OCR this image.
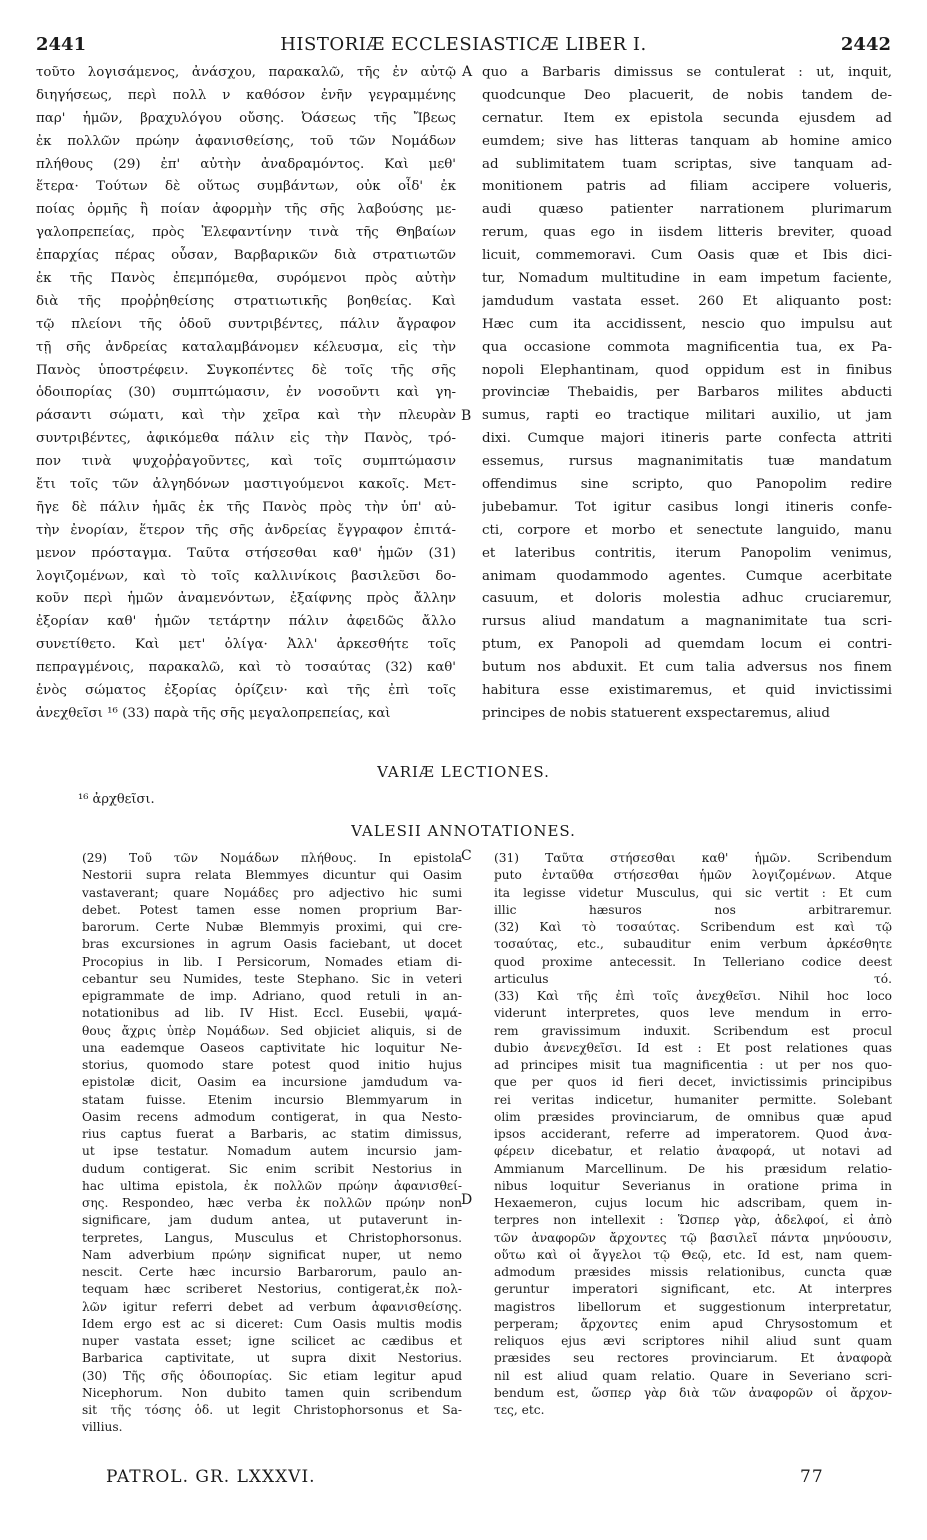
2441	HISTORIÆ ECCLESIASTICÆ LIBER I.	2442
τοῦτο λογισάμενος, ἀνάσχου, παρακαλῶ, τῆς ἐν αὐτῷ
διηγήσεως, περὶ πολλ ν καθόσον ἐνῆν γεγραμμένης
παρ' ἡμῶν, βραχυλόγου οὔσης. Ὀάσεως τῆς Ἴβεως
ἐκ πολλῶν πρώην ἀφανισθείσης, τοῦ τῶν Νομάδων
πλήθους (29) ἐπ' αὐτὴν ἀναδραμόντος. Καὶ μεθ'
ἕτερα· Τούτων δὲ οὕτως συμβάντων, οὐκ οἶδ' ἐκ
ποίας ὁρμῆς ἢ ποίαν ἀφορμὴν τῆς σῆς λαβούσης με-
γαλοπρεπείας, πρὸς Ἐλεφαντίνην τινὰ τῆς Θηβαίων
ἐπαρχίας πέρας οὖσαν, Βαρβαρικῶν διὰ στρατιωτῶν
ἐκ τῆς Πανὸς ἐπεμπόμεθα, συρόμενοι πρὸς αὐτὴν
διὰ τῆς προῤῥηθείσης στρατιωτικῆς βοηθείας. Καὶ
τῷ πλείονι τῆς ὁδοῦ συντριβέντες, πάλιν ἄγραφον
τῇ σῆς ἀνδρείας καταλαμβάνομεν κέλευσμα, εἰς τὴν
Πανὸς ὑποστρέφειν. Συγκοπέντες δὲ τοῖς τῆς σῆς
ὁδοιπορίας (30) συμπτώμασιν, ἐν νοσοῦντι καὶ γη-
ράσαντι σώματι, καὶ τὴν χεῖρα καὶ τὴν πλευρὰν
συντριβέντες, ἀφικόμεθα πάλιν εἰς τὴν Πανὸς, τρό-
πον τινὰ ψυχοῤῥαγοῦντες, καὶ τοῖς συμπτώμασιν
ἔτι τοῖς τῶν ἀλγηδόνων μαστιγούμενοι κακοῖς. Μετ-
ῆγε δὲ πάλιν ἡμᾶς ἐκ τῆς Πανὸς πρὸς τὴν ὑπ' αὐ-
τὴν ἐνορίαν, ἕτερον τῆς σῆς ἀνδρείας ἔγγραφον ἐπιτά-
μενον πρόσταγμα. Ταῦτα στήσεσθαι καθ' ἡμῶν (31)
λογιζομένων, καὶ τὸ τοῖς καλλινίκοις βασιλεῦσι δο-
κοῦν περὶ ἡμῶν ἀναμενόντων, ἐξαίφνης πρὸς ἄλλην
ἐξορίαν καθ' ἡμῶν τετάρτην πάλιν ἀφειδῶς ἄλλο
συνετίθετο. Καὶ μετ' ὀλίγα· Ἀλλ' ἀρκεσθήτε τοῖς
πεπραγμένοις, παρακαλῶ, καὶ τὸ τοσαύτας (32) καθ'
ἑνὸς σώματος ἐξορίας ὁρίζειν· καὶ τῆς ἐπὶ τοῖς
ἀνεχθεῖσι ¹⁶ (33) παρὰ τῆς σῆς μεγαλοπρεπείας, καὶ
quo a Barbaris dimissus se contulerat : ut, inquit,
quodcunque Deo placuerit, de nobis tandem de-
cernatur. Item ex epistola secunda ejusdem ad
eumdem; sive has litteras tanquam ab homine amico
ad sublimitatem tuam scriptas, sive tanquam ad-
monitionem patris ad filiam accipere volueris,
audi quæso patienter narrationem plurimarum
rerum, quas ego in iisdem litteris breviter, quoad
licuit, commemoravi. Cum Oasis quæ et Ibis dici-
tur, Nomadum multitudine in eam impetum faciente,
jamdudum vastata esset. 260 Et aliquanto post:
Hæc cum ita accidissent, nescio quo impulsu aut
qua occasione commota magnificentia tua, ex Pa-
nopoli Elephantinam, quod oppidum est in finibus
provinciæ Thebaidis, per Barbaros milites abducti
sumus, rapti eo tractique militari auxilio, ut jam
dixi. Cumque majori itineris parte confecta attriti
essemus, rursus magnanimitatis tuæ mandatum
offendimus sine scripto, quo Panopolim redire
jubebamur. Tot igitur casibus longi itineris confe-
cti, corpore et morbo et senectute languido, manu
et lateribus contritis, iterum Panopolim venimus,
animam quodammodo agentes. Cumque acerbitate
casuum, et doloris molestia adhuc cruciaremur,
rursus aliud mandatum a magnanimitate tua scri-
ptum, ex Panopoli ad quemdam locum ei contri-
butum nos abduxit. Et cum talia adversus nos finem
habitura esse existimaremus, et quid invictissimi
principes de nobis statuerent exspectaremus, aliud
A
B
C
D
VARIÆ LECTIONES.
¹⁶ ἀρχθεῖσι.
VALESII ANNOTATIONES.
(29) Τοῦ τῶν Νομάδων πλήθους. In epistola
Nestorii supra relata Blemmyes dicuntur qui Oasim
vastaverant; quare Νομάδες pro adjectivo hic sumi
debet. Potest tamen esse nomen proprium Bar-
barorum. Certe Nubæ Blemmyis proximi, qui cre-
bras excursiones in agrum Oasis faciebant, ut docet
Procopius in lib. I Persicorum, Nomades etiam di-
cebantur seu Numides, teste Stephano. Sic in veteri
epigrammate de imp. Adriano, quod retuli in an-
notationibus ad lib. IV Hist. Eccl. Eusebii, ψαμά-
θους ἄχρις ὑπὲρ Νομάδων. Sed objiciet aliquis, si de
una eademque Oaseos captivitate hic loquitur Ne-
storius, quomodo stare potest quod initio hujus
epistolæ dicit, Oasim ea incursione jamdudum va-
statam fuisse. Etenim incursio Blemmyarum in
Oasim recens admodum contigerat, in qua Nesto-
rius captus fuerat a Barbaris, ac statim dimissus,
ut ipse testatur. Nomadum autem incursio jam-
dudum contigerat. Sic enim scribit Nestorius in
hac ultima epistola, ἐκ πολλῶν πρώην ἀφανισθεί-
σης. Respondeo, hæc verba ἐκ πολλῶν πρώην non
significare, jam dudum antea, ut putaverunt in-
terpretes, Langus, Musculus et Christophorsonus.
Nam adverbium πρώην significat nuper, ut nemo
nescit. Certe hæc incursio Barbarorum, paulo an-
tequam hæc scriberet Nestorius, contigerat,ἐκ πολ-
λῶν igitur referri debet ad verbum ἀφανισθείσης.
Idem ergo est ac si diceret: Cum Oasis multis modis
nuper vastata esset; igne scilicet ac cædibus et
Barbarica captivitate, ut supra dixit Nestorius.
(30) Τῆς σῆς ὁδοιπορίας. Sic etiam legitur apud
Nicephorum. Non dubito tamen quin scribendum
sit τῆς τόσης ὁδ. ut legit Christophorsonus et Sa-
villius.
(31) Ταῦτα στήσεσθαι καθ' ἡμῶν. Scribendum
puto ἐνταῦθα στήσεσθαι ἡμῶν λογιζομένων. Atque
ita legisse videtur Musculus, qui sic vertit : Et cum
illic hæsuros nos arbitraremur.
(32) Καὶ τὸ τοσαύτας. Scribendum est καὶ τῷ
τοσαύτας, etc., subauditur enim verbum ἀρκέσθητε
quod proxime antecessit. In Telleriano codice deest
articulus τό.
(33) Καὶ τῆς ἐπὶ τοῖς ἀνεχθεῖσι. Nihil hoc loco
viderunt interpretes, quos leve mendum in erro-
rem gravissimum induxit. Scribendum est procul
dubio ἀνενεχθεῖσι. Id est : Et post relationes quas
ad principes misit tua magnificentia : ut per nos quo-
que per quos id fieri decet, invictissimis principibus
rei veritas indicetur, humaniter permitte. Solebant
olim præsides provinciarum, de omnibus quæ apud
ipsos acciderant, referre ad imperatorem. Quod ἀνα-
φέρειν dicebatur, et relatio ἀναφορά, ut notavi ad
Ammianum Marcellinum. De his præsidum relatio-
nibus loquitur Severianus in oratione prima in
Hexaemeron, cujus locum hic adscribam, quem in-
terpres non intellexit : Ὥσπερ γὰρ, ἀδελφοί, εἰ ἀπὸ
τῶν ἀναφορῶν ἄρχοντες τῷ βασιλεῖ πάντα μηνύουσιν,
οὕτω καὶ οἱ ἄγγελοι τῷ Θεῷ, etc. Id est, nam quem-
admodum præsides missis relationibus, cuncta quæ
geruntur imperatori significant, etc. At interpres
magistros libellorum et suggestionum interpretatur,
perperam; ἄρχοντες enim apud Chrysostomum et
reliquos ejus ævi scriptores nihil aliud sunt quam
præsides seu rectores provinciarum. Et ἀναφορὰ
nil est aliud quam relatio. Quare in Severiano scri-
bendum est, ὥσπερ γὰρ διὰ τῶν ἀναφορῶν οἱ ἄρχον-
τες, etc.
PATROL. GR. LXXXVI.	77
